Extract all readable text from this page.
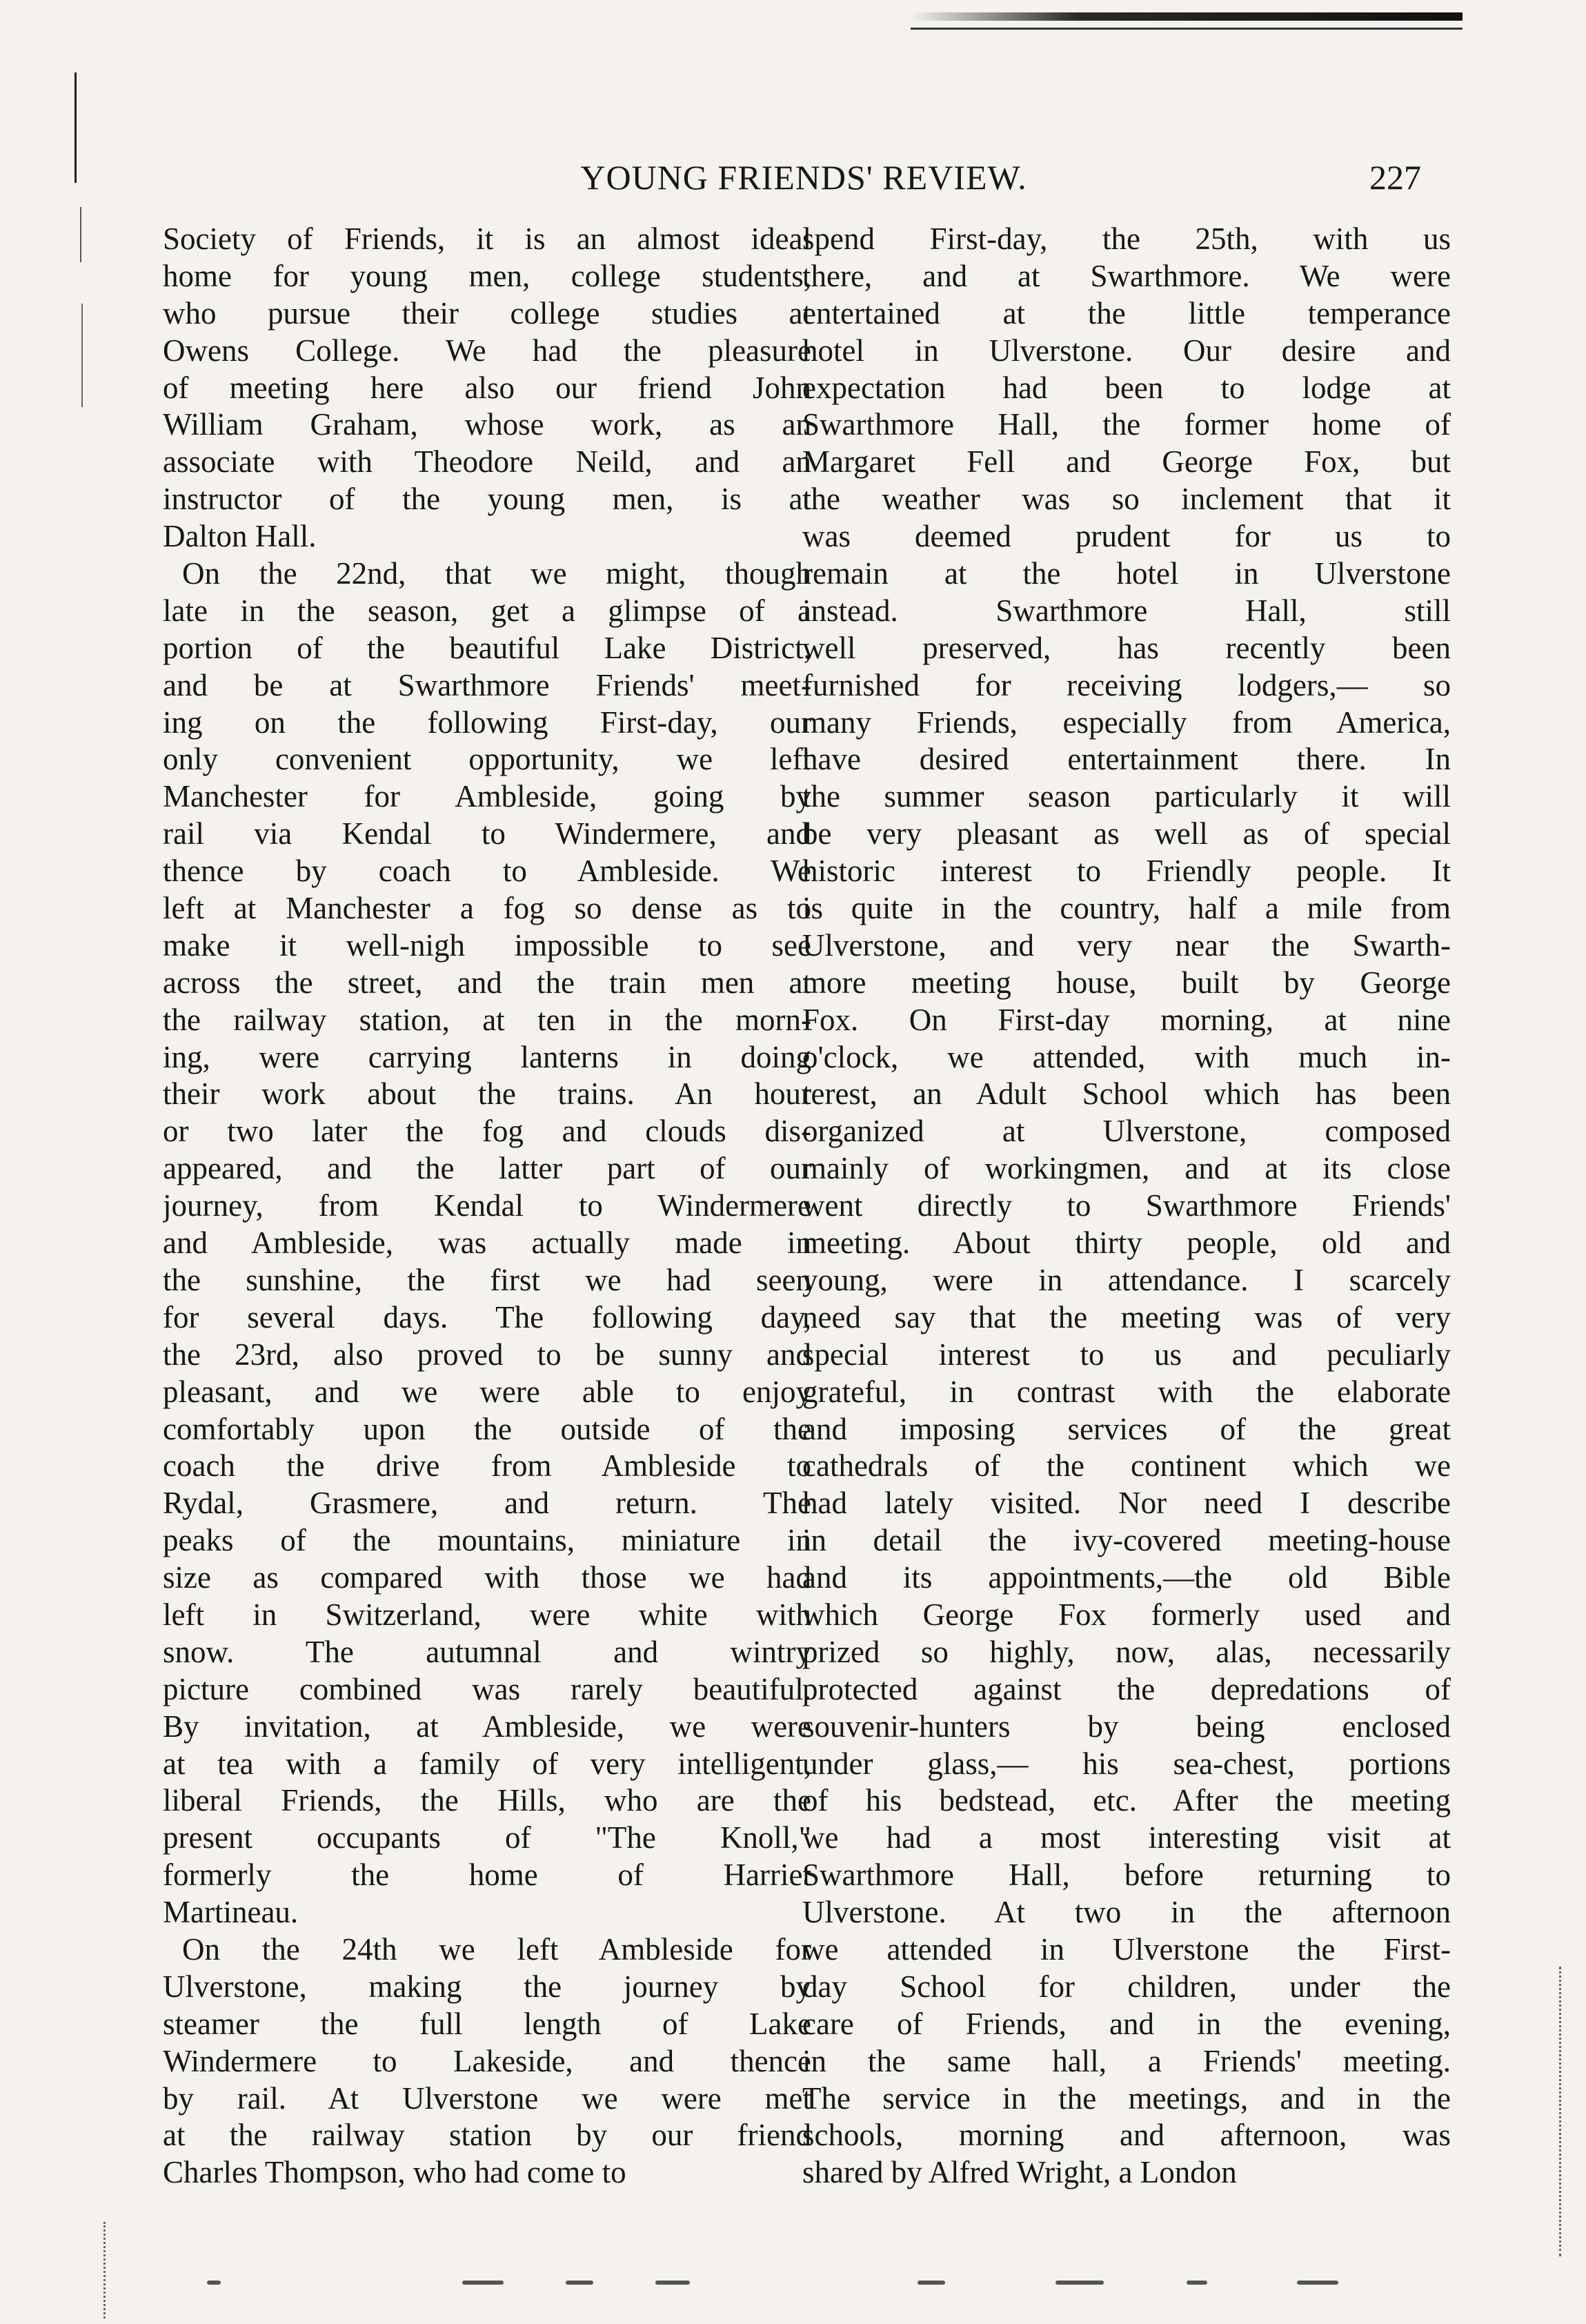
YOUNG FRIENDS' REVIEW.	227
Society of Friends, it is an almost ideal
home for young men, college students,
who pursue their college studies at
Owens College. We had the pleasure
of meeting here also our friend John
William Graham, whose work, as an
associate with Theodore Neild, and an
instructor of the young men, is at
Dalton Hall.
On the 22nd, that we might, though
late in the season, get a glimpse of a
portion of the beautiful Lake District,
and be at Swarthmore Friends' meet-
ing on the following First-day, our
only convenient opportunity, we left
Manchester for Ambleside, going by
rail via Kendal to Windermere, and
thence by coach to Ambleside. We
left at Manchester a fog so dense as to
make it well-nigh impossible to see
across the street, and the train men at
the railway station, at ten in the morn-
ing, were carrying lanterns in doing
their work about the trains. An hour
or two later the fog and clouds dis-
appeared, and the latter part of our
journey, from Kendal to Windermere
and Ambleside, was actually made in
the sunshine, the first we had seen
for several days. The following day,
the 23rd, also proved to be sunny and
pleasant, and we were able to enjoy
comfortably upon the outside of the
coach the drive from Ambleside to
Rydal, Grasmere, and return. The
peaks of the mountains, miniature in
size as compared with those we had
left in Switzerland, were white with
snow. The autumnal and wintry
picture combined was rarely beautiful.
By invitation, at Ambleside, we were
at tea with a family of very intelligent,
liberal Friends, the Hills, who are the
present occupants of "The Knoll,"
formerly the home of Harriet
Martineau.
On the 24th we left Ambleside for
Ulverstone, making the journey by
steamer the full length of Lake
Windermere to Lakeside, and thence
by rail. At Ulverstone we were met
at the railway station by our friend
Charles Thompson, who had come to
spend First-day, the 25th, with us
there, and at Swarthmore. We were
entertained at the little temperance
hotel in Ulverstone. Our desire and
expectation had been to lodge at
Swarthmore Hall, the former home of
Margaret Fell and George Fox, but
the weather was so inclement that it
was deemed prudent for us to
remain at the hotel in Ulverstone
instead. Swarthmore Hall, still
well preserved, has recently been
furnished for receiving lodgers,— so
many Friends, especially from America,
have desired entertainment there. In
the summer season particularly it will
be very pleasant as well as of special
historic interest to Friendly people. It
is quite in the country, half a mile from
Ulverstone, and very near the Swarth-
more meeting house, built by George
Fox. On First-day morning, at nine
o'clock, we attended, with much in-
terest, an Adult School which has been
organized at Ulverstone, composed
mainly of workingmen, and at its close
went directly to Swarthmore Friends'
meeting. About thirty people, old and
young, were in attendance. I scarcely
need say that the meeting was of very
special interest to us and peculiarly
grateful, in contrast with the elaborate
and imposing services of the great
cathedrals of the continent which we
had lately visited. Nor need I describe
in detail the ivy-covered meeting-house
and its appointments,—the old Bible
which George Fox formerly used and
prized so highly, now, alas, necessarily
protected against the depredations of
souvenir-hunters by being enclosed
under glass,— his sea-chest, portions
of his bedstead, etc. After the meeting
we had a most interesting visit at
Swarthmore Hall, before returning to
Ulverstone. At two in the afternoon
we attended in Ulverstone the First-
day School for children, under the
care of Friends, and in the evening,
in the same hall, a Friends' meeting.
The service in the meetings, and in the
schools, morning and afternoon, was
shared by Alfred Wright, a London
